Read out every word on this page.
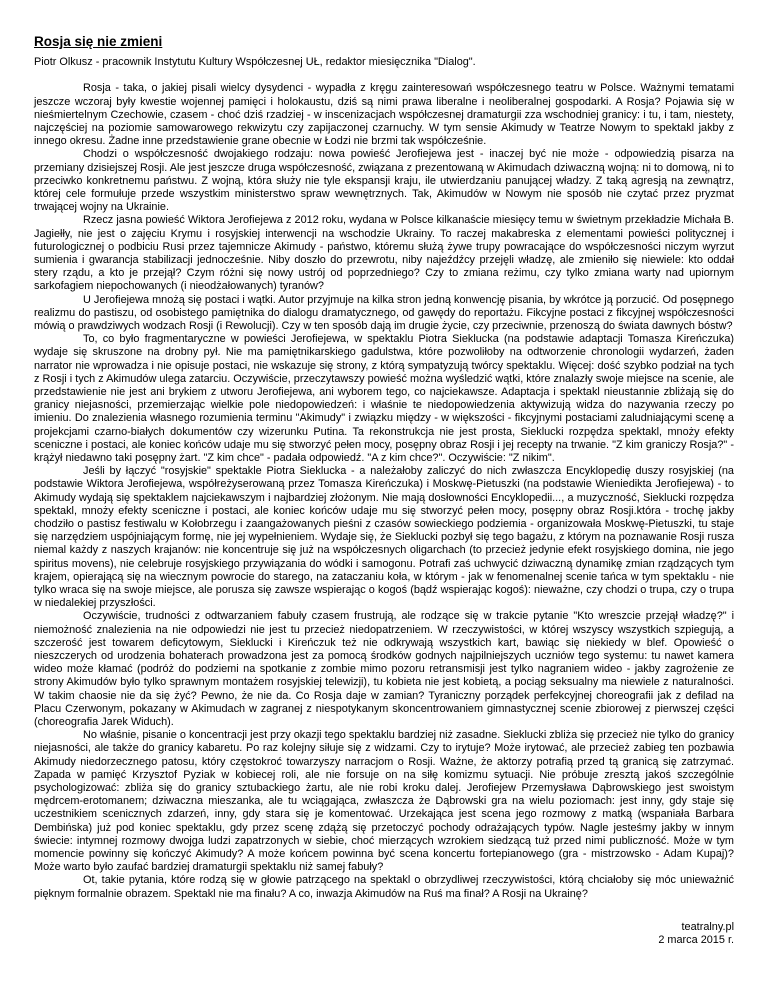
Rosja się nie zmieni
Piotr Olkusz - pracownik Instytutu Kultury Współczesnej UŁ, redaktor miesięcznika "Dialog".

Rosja - taka, o jakiej pisali wielcy dysydenci - wypadła z kręgu zainteresowań współczesnego teatru w Polsce. Ważnymi tematami jeszcze wczoraj były kwestie wojennej pamięci i holokaustu, dziś są nimi prawa liberalne i neoliberalnej gospodarki. A Rosja? Pojawia się w nieśmiertelnym Czechowie, czasem - choć dziś rzadziej - w inscenizacjach współczesnej dramaturgii zza wschodniej granicy: i tu, i tam, niestety, najczęściej na poziomie samowarowego rekwizytu czy zapijaczonej czarnuchy. W tym sensie Akimudy w Teatrze Nowym to spektakl jakby z innego okresu. Żadne inne przedstawienie grane obecnie w Łodzi nie brzmi tak współcześnie.

Chodzi o współczesność dwojakiego rodzaju: nowa powieść Jerofiejewa jest - inaczej być nie może - odpowiedzią pisarza na przemiany dzisiejszej Rosji. Ale jest jeszcze druga współczesność, związana z prezentowaną w Akimudach dziwaczną wojną: ni to domową, ni to przeciwko konkretnemu państwu. Z wojną, która służy nie tyle ekspansji kraju, ile utwierdzaniu panującej władzy. Z taką agresją na zewnątrz, której cele formułuje przede wszystkim ministerstwo spraw wewnętrznych. Tak, Akimudów w Nowym nie sposób nie czytać przez pryzmat trwającej wojny na Ukrainie.

Rzecz jasna powieść Wiktora Jerofiejewa z 2012 roku, wydana w Polsce kilkanaście miesięcy temu w świetnym przekładzie Michała B. Jagiełły, nie jest o zajęciu Krymu i rosyjskiej interwencji na wschodzie Ukrainy. To raczej makabreska z elementami powieści politycznej i futurologicznej o podbiciu Rusi przez tajemnicze Akimudy - państwo, któremu służą żywe trupy powracające do współczesności niczym wyrzut sumienia i gwarancja stabilizacji jednocześnie. Niby doszło do przewrotu, niby najeźdźcy przejęli władzę, ale zmieniło się niewiele: kto oddał stery rządu, a kto je przejął? Czym różni się nowy ustrój od poprzedniego? Czy to zmiana reżimu, czy tylko zmiana warty nad upiornym sarkofagiem niepochowanych (i nieodżałowanych) tyranów?

U Jerofiejewa mnożą się postaci i wątki. Autor przyjmuje na kilka stron jedną konwencję pisania, by wkrótce ją porzucić. Od posępnego realizmu do pastiszu, od osobistego pamiętnika do dialogu dramatycznego, od gawędy do reportażu. Fikcyjne postaci z fikcyjnej współczesności mówią o prawdziwych wodzach Rosji (i Rewolucji). Czy w ten sposób dają im drugie życie, czy przeciwnie, przenoszą do świata dawnych bóstw?

To, co było fragmentaryczne w powieści Jerofiejewa, w spektaklu Piotra Sieklucka (na podstawie adaptacji Tomasza Kireńczuka) wydaje się skruszone na drobny pył. Nie ma pamiętnikarskiego gadulstwa, które pozwoliłoby na odtworzenie chronologii wydarzeń, żaden narrator nie wprowadza i nie opisuje postaci, nie wskazuje się strony, z którą sympatyzują twórcy spektaklu. Więcej: dość szybko podział na tych z Rosji i tych z Akimudów ulega zatarciu. Oczywiście, przeczytawszy powieść można wyśledzić wątki, które znalazły swoje miejsce na scenie, ale przedstawienie nie jest ani brykiem z utworu Jerofiejewa, ani wyborem tego, co najciekawsze. Adaptacja i spektakl nieustannie zbliżają się do granicy niejasności, przemierzając wielkie pole niedopowiedzeń: i właśnie te niedopowiedzenia aktywizują widza do nazywania rzeczy po imieniu. Do znalezienia własnego rozumienia terminu "Akimudy" i związku między - w większości - fikcyjnymi postaciami zaludniającymi scenę a projekcjami czarno-białych dokumentów czy wizerunku Putina. Ta rekonstrukcja nie jest prosta, Sieklucki rozpędza spektakl, mnoży efekty sceniczne i postaci, ale koniec końców udaje mu się stworzyć pełen mocy, posępny obraz Rosji i jej recepty na trwanie. "Z kim graniczy Rosja?" - krążył niedawno taki posępny żart. "Z kim chce" - padała odpowiedź. "A z kim chce?". Oczywiście: "Z nikim".

Jeśli by łączyć "rosyjskie" spektakle Piotra Sieklucka - a należałoby zaliczyć do nich zwłaszcza Encyklopedię duszy rosyjskiej (na podstawie Wiktora Jerofiejewa, współreżyserowaną przez Tomasza Kireńczuka) i Moskwę-Pietuszki (na podstawie Wieniedikta Jerofiejewa) - to Akimudy wydają się spektaklem najciekawszym i najbardziej złożonym. Nie mają dosłowności Encyklopedii..., a muzyczność, Sieklucki rozpędza spektakl, mnoży efekty sceniczne i postaci, ale koniec końców udaje mu się stworzyć pełen mocy, posępny obraz Rosji.która - trochę jakby chodziło o pastisz festiwalu w Kołobrzegu i zaangażowanych pieśni z czasów sowieckiego podziemia - organizowała Moskwę-Pietuszki, tu staje się narzędziem uspójniającym formę, nie jej wypełnieniem. Wydaje się, że Sieklucki pozbył się tego bagażu, z którym na poznawanie Rosji rusza niemal każdy z naszych krajanów: nie koncentruje się już na współczesnych oligarchach (to przecież jedynie efekt rosyjskiego domina, nie jego spiritus movens), nie celebruje rosyjskiego przywiązania do wódki i samogonu. Potrafi zaś uchwycić dziwaczną dynamikę zmian rządzących tym krajem, opierającą się na wiecznym powrocie do starego, na zataczaniu koła, w którym - jak w fenomenalnej scenie tańca w tym spektaklu - nie tylko wraca się na swoje miejsce, ale porusza się zawsze wspierając o kogoś (bądź wspierając kogoś): nieważne, czy chodzi o trupa, czy o trupa w niedalekiej przyszłości.

Oczywiście, trudności z odtwarzaniem fabuły czasem frustrują, ale rodzące się w trakcie pytanie "Kto wreszcie przejął władzę?" i niemożność znalezienia na nie odpowiedzi nie jest tu przecież niedopatrzeniem. W rzeczywistości, w której wszyscy wszystkich szpiegują, a szczerość jest towarem deficytowym, Sieklucki i Kireńczuk też nie odkrywają wszystkich kart, bawiąc się niekiedy w blef. Opowieść o nieszczerych od urodzenia bohaterach prowadzona jest za pomocą środków godnych najpilniejszych uczniów tego systemu: tu nawet kamera wideo może kłamać (podróż do podziemi na spotkanie z zombie mimo pozoru retransmisji jest tylko nagraniem wideo - jakby zagrożenie ze strony Akimudów było tylko sprawnym montażem rosyjskiej telewizji), tu kobieta nie jest kobietą, a pociąg seksualny ma niewiele z naturalności. W takim chaosie nie da się żyć? Pewno, że nie da. Co Rosja daje w zamian? Tyraniczny porządek perfekcyjnej choreografii jak z defilad na Placu Czerwonym, pokazany w Akimudach w zagranej z niespotykanym skoncentrowaniem gimnastycznej scenie zbiorowej z pierwszej części (choreografia Jarek Widuch).

No właśnie, pisanie o koncentracji jest przy okazji tego spektaklu bardziej niż zasadne. Sieklucki zbliża się przecież nie tylko do granicy niejasności, ale także do granicy kabaretu. Po raz kolejny siłuje się z widzami. Czy to irytuje? Może irytować, ale przecież zabieg ten pozbawia Akimudy niedorzecznego patosu, który częstokroć towarzyszy narracjom o Rosji. Ważne, że aktorzy potrafią przed tą granicą się zatrzymać. Zapada w pamięć Krzysztof Pyziak w kobiecej roli, ale nie forsuje on na siłę komizmu sytuacji. Nie próbuje zresztą jakoś szczególnie psychologizować: zbliża się do granicy sztubackiego żartu, ale nie robi kroku dalej. Jerofiejew Przemysława Dąbrowskiego jest swoistym mędrcem-erotomanem; dziwaczna mieszanka, ale tu wciągająca, zwłaszcza że Dąbrowski gra na wielu poziomach: jest inny, gdy staje się uczestnikiem scenicznych zdarzeń, inny, gdy stara się je komentować. Urzekająca jest scena jego rozmowy z matką (wspaniała Barbara Dembińska) już pod koniec spektaklu, gdy przez scenę zdążą się przetoczyć pochody odrażających typów. Nagle jesteśmy jakby w innym świecie: intymnej rozmowy dwojga ludzi zapatrzonych w siebie, choć mierzących wzrokiem siedzącą tuż przed nimi publiczność. Może w tym momencie powinny się kończyć Akimudy? A może końcem powinna być scena koncertu fortepianowego (gra - mistrzowsko - Adam Kupaj)? Może warto było zaufać bardziej dramaturgii spektaklu niż samej fabuły?

Ot, takie pytania, które rodzą się w głowie patrzącego na spektakl o obrzydliwej rzeczywistości, którą chciałoby się móc unieważnić pięknym formalnie obrazem. Spektakl nie ma finału? A co, inwazja Akimudów na Ruś ma finał? A Rosji na Ukrainę?

teatralny.pl
2 marca 2015 r.
